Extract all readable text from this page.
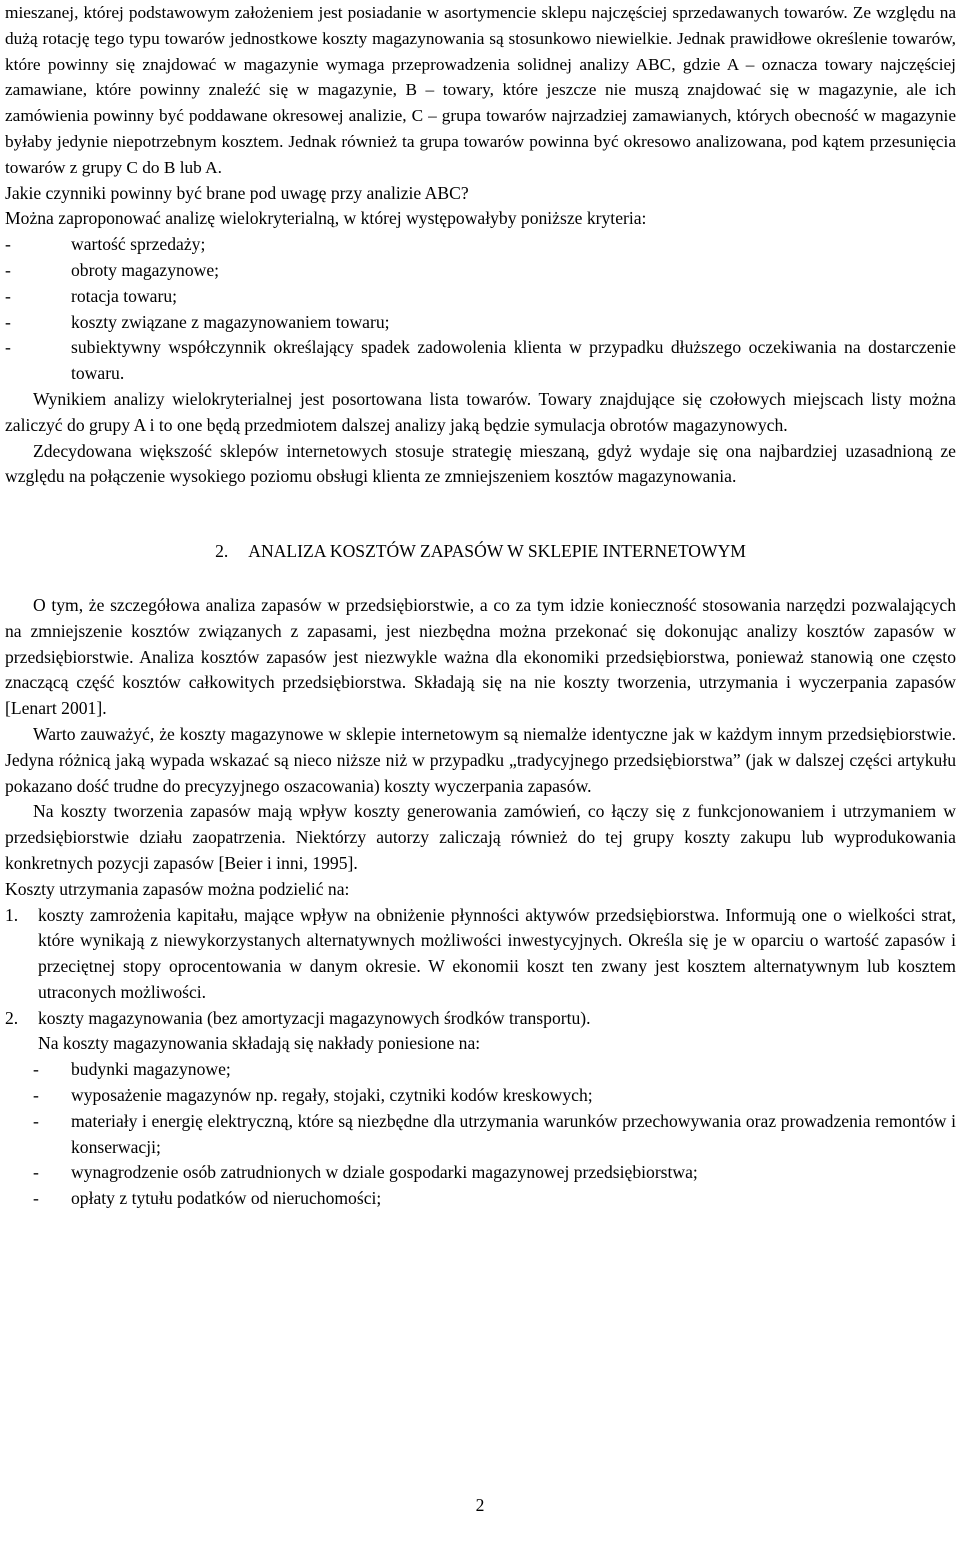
mieszanej, której podstawowym założeniem jest posiadanie w asortymencie sklepu najczęściej sprzedawanych towarów. Ze względu na dużą rotację tego typu towarów jednostkowe koszty magazynowania są stosunkowo niewielkie. Jednak prawidłowe określenie towarów, które powinny się znajdować w magazynie wymaga przeprowadzenia solidnej analizy ABC, gdzie A – oznacza towary najczęściej zamawiane, które powinny znaleźć się w magazynie, B – towary, które jeszcze nie muszą znajdować się w magazynie, ale ich zamówienia powinny być poddawane okresowej analizie, C – grupa towarów najrzadziej zamawianych, których obecność w magazynie byłaby jedynie niepotrzebnym kosztem. Jednak również ta grupa towarów powinna być okresowo analizowana, pod kątem przesunięcia towarów z grupy C do B lub A.

Jakie czynniki powinny być brane pod uwagę przy analizie ABC?

Można zaproponować analizę wielokryterialną, w której występowałyby poniższe kryteria:

- wartość sprzedaży;
- obroty magazynowe;
- rotacja towaru;
- koszty związane z magazynowaniem towaru;
- subiektywny współczynnik określający spadek zadowolenia klienta w przypadku dłuższego oczekiwania na dostarczenie towaru.

Wynikiem analizy wielokryterialnej jest posortowana lista towarów. Towary znajdujące się czołowych miejscach listy można zaliczyć do grupy A i to one będą przedmiotem dalszej analizy jaką będzie symulacja obrotów magazynowych.

Zdecydowana większość sklepów internetowych stosuje strategię mieszaną, gdyż wydaje się ona najbardziej uzasadnioną ze względu na połączenie wysokiego poziomu obsługi klienta ze zmniejszeniem kosztów magazynowania.

2. ANALIZA KOSZTÓW ZAPASÓW W SKLEPIE INTERNETOWYM

O tym, że szczegółowa analiza zapasów w przedsiębiorstwie, a co za tym idzie konieczność stosowania narzędzi pozwalających na zmniejszenie kosztów związanych z zapasami, jest niezbędna można przekonać się dokonując analizy kosztów zapasów w przedsiębiorstwie. Analiza kosztów zapasów jest niezwykle ważna dla ekonomiki przedsiębiorstwa, ponieważ stanowią one często znaczącą część kosztów całkowitych przedsiębiorstwa. Składają się na nie koszty tworzenia, utrzymania i wyczerpania zapasów [Lenart 2001].

Warto zauważyć, że koszty magazynowe w sklepie internetowym są niemalże identyczne jak w każdym innym przedsiębiorstwie. Jedyna różnicą jaką wypada wskazać są nieco niższe niż w przypadku „tradycyjnego przedsiębiorstwa” (jak w dalszej części artykułu pokazano dość trudne do precyzyjnego oszacowania) koszty wyczerpania zapasów.

Na koszty tworzenia zapasów mają wpływ koszty generowania zamówień, co łączy się z funkcjonowaniem i utrzymaniem w przedsiębiorstwie działu zaopatrzenia. Niektórzy autorzy zaliczają również do tej grupy koszty zakupu lub wyprodukowania konkretnych pozycji zapasów [Beier i inni, 1995].

Koszty utrzymania zapasów można podzielić na:

1. koszty zamrożenia kapitału, mające wpływ na obniżenie płynności aktywów przedsiębiorstwa. Informują one o wielkości strat, które wynikają z niewykorzystanych alternatywnych możliwości inwestycyjnych. Określa się je w oparciu o wartość zapasów i przeciętnej stopy oprocentowania w danym okresie. W ekonomii koszt ten zwany jest kosztem alternatywnym lub kosztem utraconych możliwości.
2. koszty magazynowania (bez amortyzacji magazynowych środków transportu).

Na koszty magazynowania składają się nakłady poniesione na:

- budynki magazynowe;
- wyposażenie magazynów np. regały, stojaki, czytniki kodów kreskowych;
- materiały i energię elektryczną, które są niezbędne dla utrzymania warunków przechowywania oraz prowadzenia remontów i konserwacji;
- wynagrodzenie osób zatrudnionych w dziale gospodarki magazynowej przedsiębiorstwa;
- opłaty z tytułu podatków od nieruchomości;
2
